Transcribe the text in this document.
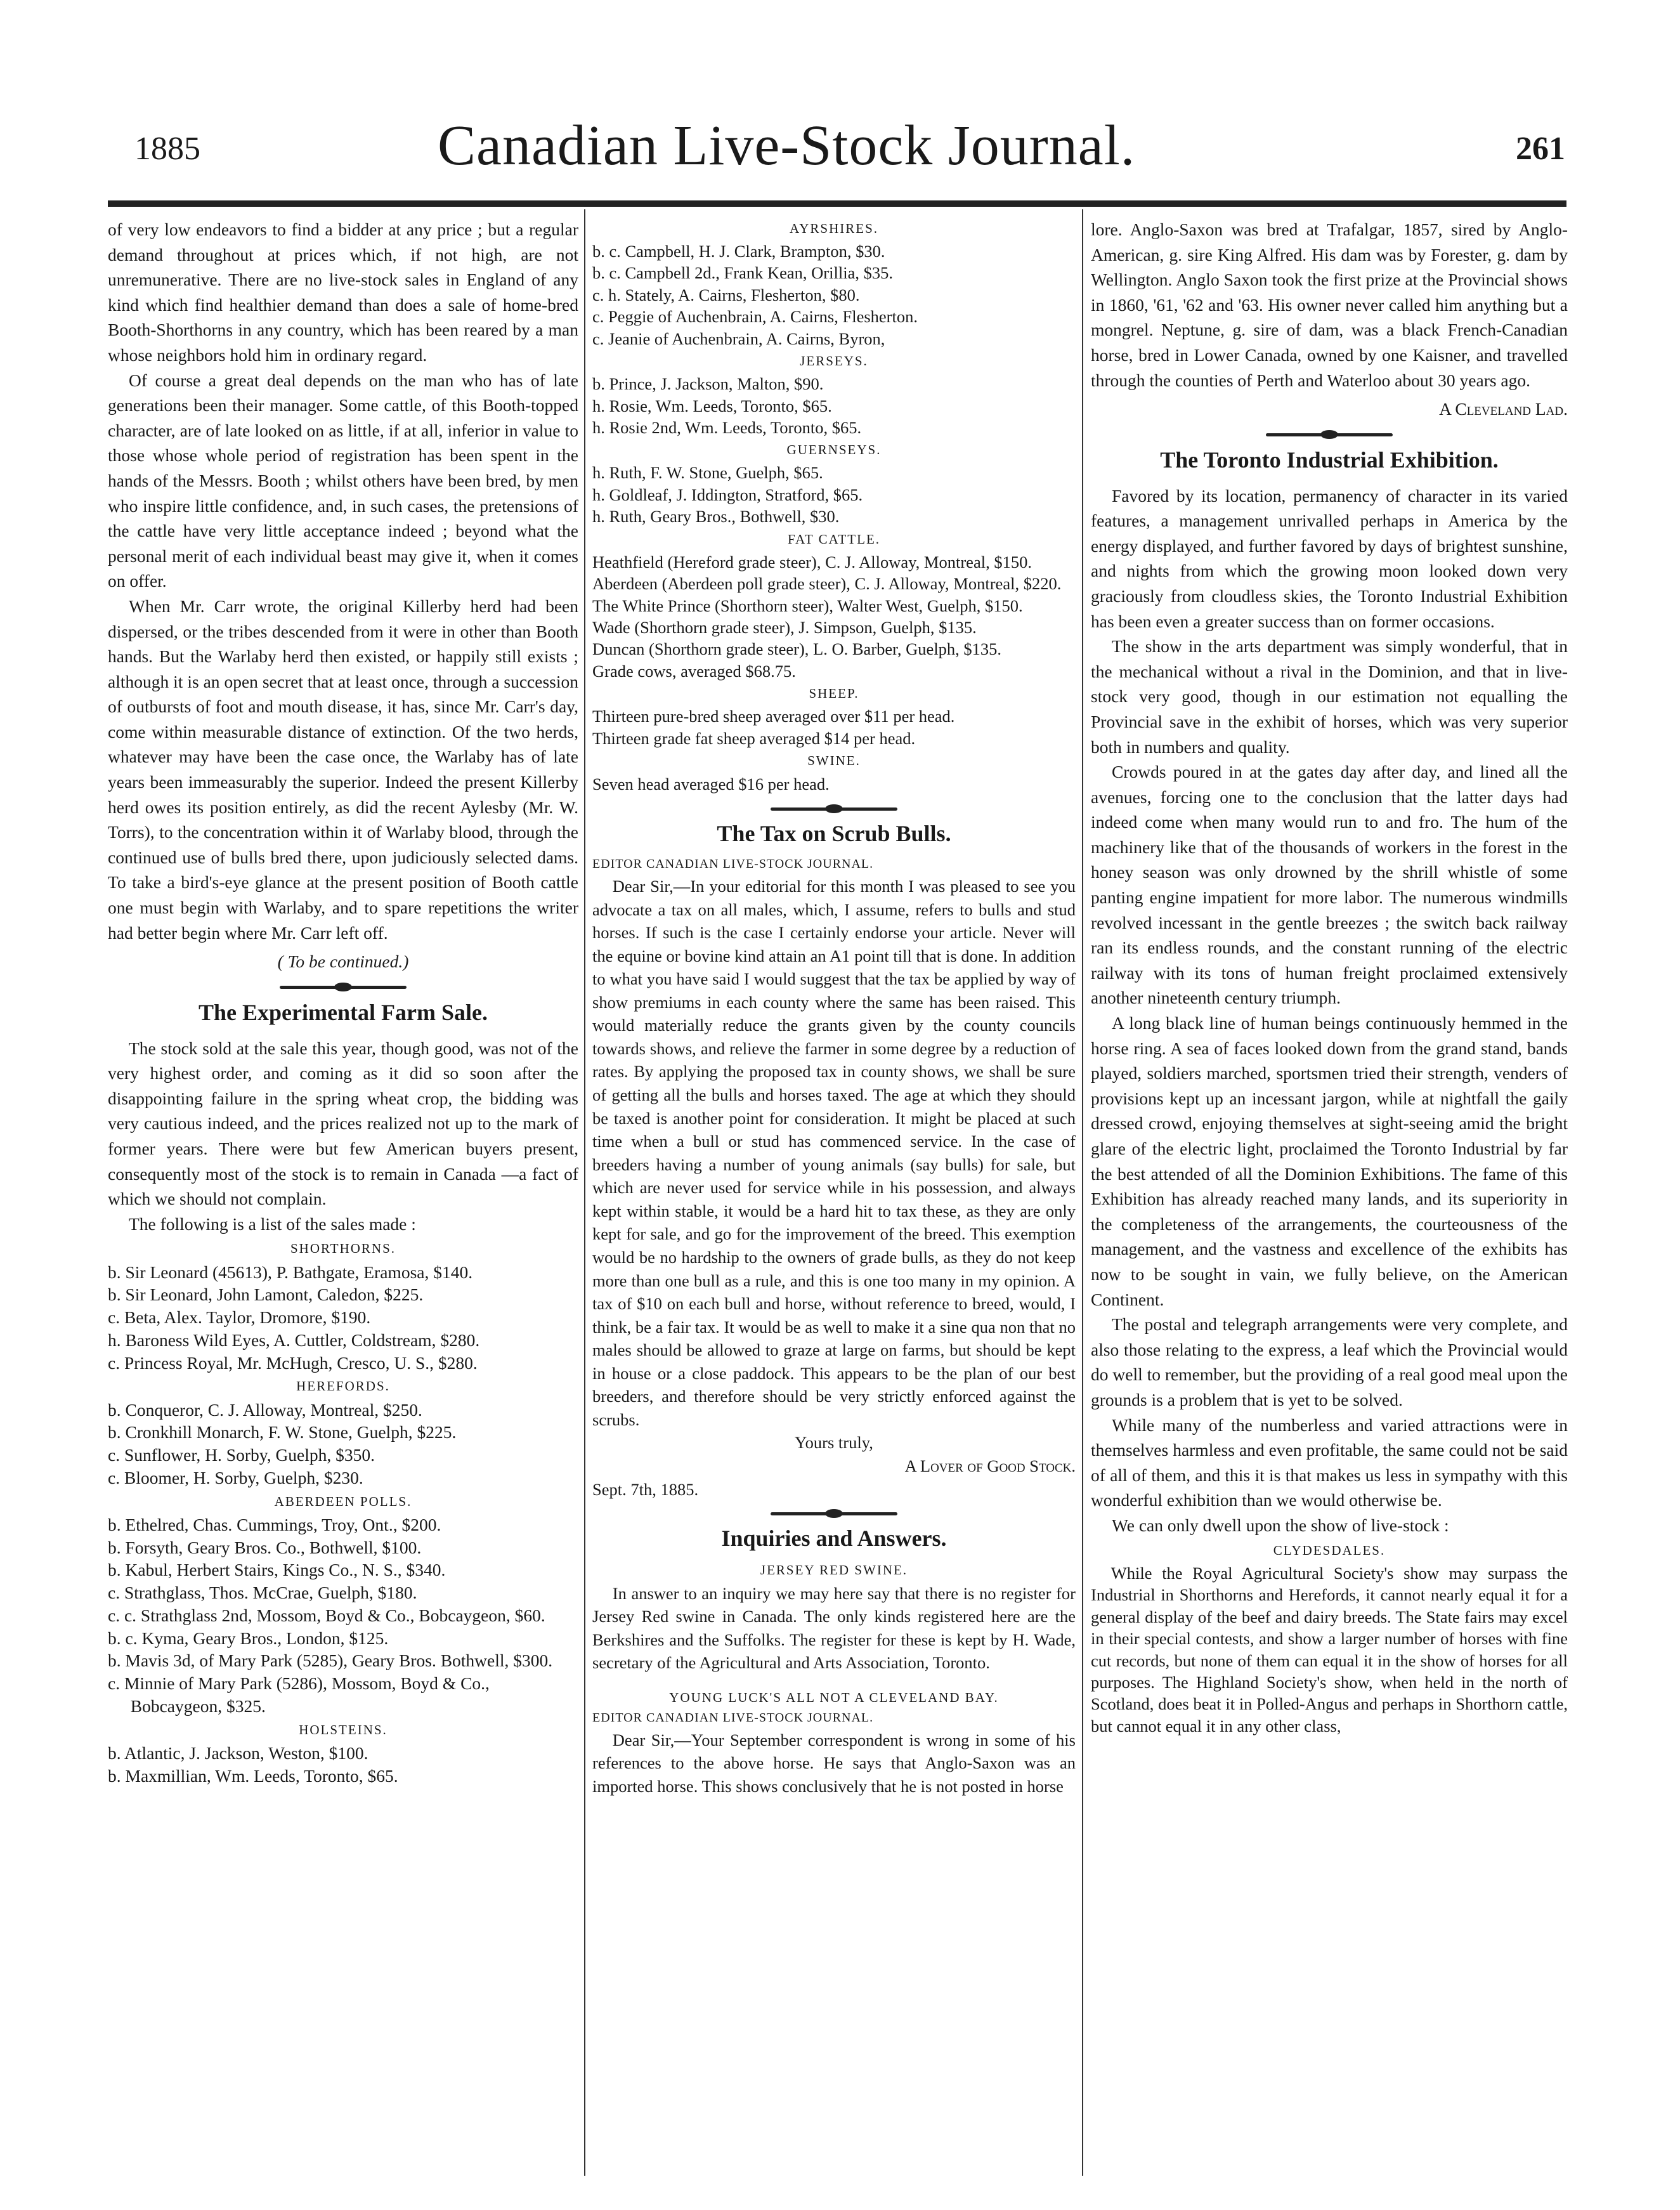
1885	Canadian Live-Stock Journal.	261

of very low endeavors to find a bidder at any price ; but a regular demand throughout at prices which, if not high, are not unremunerative. There are no live-stock sales in England of any kind which find healthier demand than does a sale of home-bred Booth-Shorthorns in any country, which has been reared by a man whose neighbors hold him in ordinary regard.

Of course a great deal depends on the man who has of late generations been their manager. Some cattle, of this Booth-topped character, are of late looked on as little, if at all, inferior in value to those whose whole period of registration has been spent in the hands of the Messrs. Booth ; whilst others have been bred, by men who inspire little confidence, and, in such cases, the pretensions of the cattle have very little acceptance indeed ; beyond what the personal merit of each individual beast may give it, when it comes on offer.

When Mr. Carr wrote, the original Killerby herd had been dispersed, or the tribes descended from it were in other than Booth hands. But the Warlaby herd then existed, or happily still exists ; although it is an open secret that at least once, through a succession of outbursts of foot and mouth disease, it has, since Mr. Carr's day, come within measurable distance of extinction. Of the two herds, whatever may have been the case once, the Warlaby has of late years been immeasurably the superior. Indeed the present Killerby herd owes its position entirely, as did the recent Aylesby (Mr. W. Torrs), to the concentration within it of Warlaby blood, through the continued use of bulls bred there, upon judiciously selected dams. To take a bird's-eye glance at the present position of Booth cattle one must begin with Warlaby, and to spare repetitions the writer had better begin where Mr. Carr left off.

( To be continued.)
The Experimental Farm Sale.

The stock sold at the sale this year, though good, was not of the very highest order, and coming as it did so soon after the disappointing failure in the spring wheat crop, the bidding was very cautious indeed, and the prices realized not up to the mark of former years. There were but few American buyers present, consequently most of the stock is to remain in Canada —a fact of which we should not complain.

The following is a list of the sales made :

SHORTHORNS.
b. Sir Leonard (45613), P. Bathgate, Eramosa, $140.
b. Sir Leonard, John Lamont, Caledon, $225.
c. Beta, Alex. Taylor, Dromore, $190.
h. Baroness Wild Eyes, A. Cuttler, Coldstream, $280.
c. Princess Royal, Mr. McHugh, Cresco, U. S., $280.
HEREFORDS.
b. Conqueror, C. J. Alloway, Montreal, $250.
b. Cronkhill Monarch, F. W. Stone, Guelph, $225.
c. Sunflower, H. Sorby, Guelph, $350.
c. Bloomer, H. Sorby, Guelph, $230.
ABERDEEN POLLS.
b. Ethelred, Chas. Cummings, Troy, Ont., $200.
b. Forsyth, Geary Bros. Co., Bothwell, $100.
b. Kabul, Herbert Stairs, Kings Co., N. S., $340.
c. Strathglass, Thos. McCrae, Guelph, $180.
c. c. Strathglass 2nd, Mossom, Boyd & Co., Bobcaygeon, $60.
b. c. Kyma, Geary Bros., London, $125.
b. Mavis 3d, of Mary Park (5285), Geary Bros. Bothwell, $300.
c. Minnie of Mary Park (5286), Mossom, Boyd & Co., Bobcaygeon, $325.
HOLSTEINS.
b. Atlantic, J. Jackson, Weston, $100.
b. Maxmillian, Wm. Leeds, Toronto, $65.
AYRSHIRES.
b. c. Campbell, H. J. Clark, Brampton, $30.
b. c. Campbell 2d., Frank Kean, Orillia, $35.
c. h. Stately, A. Cairns, Flesherton, $80.
c. Peggie of Auchenbrain, A. Cairns, Flesherton.
c. Jeanie of Auchenbrain, A. Cairns, Byron,
JERSEYS.
b. Prince, J. Jackson, Malton, $90.
h. Rosie, Wm. Leeds, Toronto, $65.
h. Rosie 2nd, Wm. Leeds, Toronto, $65.
GUERNSEYS.
h. Ruth, F. W. Stone, Guelph, $65.
h. Goldleaf, J. Iddington, Stratford, $65.
h. Ruth, Geary Bros., Bothwell, $30.
FAT CATTLE.
Heathfield (Hereford grade steer), C. J. Alloway, Montreal, $150.
Aberdeen (Aberdeen poll grade steer), C. J. Alloway, Montreal, $220.
The White Prince (Shorthorn steer), Walter West, Guelph, $150.
Wade (Shorthorn grade steer), J. Simpson, Guelph, $135.
Duncan (Shorthorn grade steer), L. O. Barber, Guelph, $135.
Grade cows, averaged $68.75.
SHEEP.
Thirteen pure-bred sheep averaged over $11 per head.
Thirteen grade fat sheep averaged $14 per head.
SWINE.

Seven head averaged $16 per head.

The Tax on Scrub Bulls.
EDITOR CANADIAN LIVE-STOCK JOURNAL.

Dear Sir,—In your editorial for this month I was pleased to see you advocate a tax on all males, which, I assume, refers to bulls and stud horses. If such is the case I certainly endorse your article. Never will the equine or bovine kind attain an A1 point till that is done. In addition to what you have said I would suggest that the tax be applied by way of show premiums in each county where the same has been raised. This would materially reduce the grants given by the county councils towards shows, and relieve the farmer in some degree by a reduction of rates. By applying the proposed tax in county shows, we shall be sure of getting all the bulls and horses taxed. The age at which they should be taxed is another point for consideration. It might be placed at such time when a bull or stud has commenced service. In the case of breeders having a number of young animals (say bulls) for sale, but which are never used for service while in his possession, and always kept within stable, it would be a hard hit to tax these, as they are only kept for sale, and go for the improvement of the breed. This exemption would be no hardship to the owners of grade bulls, as they do not keep more than one bull as a rule, and this is one too many in my opinion. A tax of $10 on each bull and horse, without reference to breed, would, I think, be a fair tax. It would be as well to make it a sine qua non that no males should be allowed to graze at large on farms, but should be kept in house or a close paddock. This appears to be the plan of our best breeders, and therefore should be very strictly enforced against the scrubs.

Yours truly,
A Lover of Good Stock.

Sept. 7th, 1885.

Inquiries and Answers.
JERSEY RED SWINE.

In answer to an inquiry we may here say that there is no register for Jersey Red swine in Canada. The only kinds registered here are the Berkshires and the Suffolks. The register for these is kept by H. Wade, secretary of the Agricultural and Arts Association, Toronto.

YOUNG LUCK'S ALL NOT A CLEVELAND BAY.
EDITOR CANADIAN LIVE-STOCK JOURNAL.

Dear Sir,—Your September correspondent is wrong in some of his references to the above horse. He says that Anglo-Saxon was an imported horse. This shows conclusively that he is not posted in horse

lore. Anglo-Saxon was bred at Trafalgar, 1857, sired by Anglo-American, g. sire King Alfred. His dam was by Forester, g. dam by Wellington. Anglo Saxon took the first prize at the Provincial shows in 1860, '61, '62 and '63. His owner never called him anything but a mongrel. Neptune, g. sire of dam, was a black French-Canadian horse, bred in Lower Canada, owned by one Kaisner, and travelled through the counties of Perth and Waterloo about 30 years ago.

A Cleveland Lad.
The Toronto Industrial Exhibition.

Favored by its location, permanency of character in its varied features, a management unrivalled perhaps in America by the energy displayed, and further favored by days of brightest sunshine, and nights from which the growing moon looked down very graciously from cloudless skies, the Toronto Industrial Exhibition has been even a greater success than on former occasions.

The show in the arts department was simply wonderful, that in the mechanical without a rival in the Dominion, and that in live-stock very good, though in our estimation not equalling the Provincial save in the exhibit of horses, which was very superior both in numbers and quality.

Crowds poured in at the gates day after day, and lined all the avenues, forcing one to the conclusion that the latter days had indeed come when many would run to and fro. The hum of the machinery like that of the thousands of workers in the forest in the honey season was only drowned by the shrill whistle of some panting engine impatient for more labor. The numerous windmills revolved incessant in the gentle breezes ; the switch back railway ran its endless rounds, and the constant running of the electric railway with its tons of human freight proclaimed extensively another nineteenth century triumph.

A long black line of human beings continuously hemmed in the horse ring. A sea of faces looked down from the grand stand, bands played, soldiers marched, sportsmen tried their strength, venders of provisions kept up an incessant jargon, while at nightfall the gaily dressed crowd, enjoying themselves at sight-seeing amid the bright glare of the electric light, proclaimed the Toronto Industrial by far the best attended of all the Dominion Exhibitions. The fame of this Exhibition has already reached many lands, and its superiority in the completeness of the arrangements, the courteousness of the management, and the vastness and excellence of the exhibits has now to be sought in vain, we fully believe, on the American Continent.

The postal and telegraph arrangements were very complete, and also those relating to the express, a leaf which the Provincial would do well to remember, but the providing of a real good meal upon the grounds is a problem that is yet to be solved.

While many of the numberless and varied attractions were in themselves harmless and even profitable, the same could not be said of all of them, and this it is that makes us less in sympathy with this wonderful exhibition than we would otherwise be.

We can only dwell upon the show of live-stock :

CLYDESDALES.

While the Royal Agricultural Society's show may surpass the Industrial in Shorthorns and Herefords, it cannot nearly equal it for a general display of the beef and dairy breeds. The State fairs may excel in their special contests, and show a larger number of horses with fine cut records, but none of them can equal it in the show of horses for all purposes. The Highland Society's show, when held in the north of Scotland, does beat it in Polled-Angus and perhaps in Shorthorn cattle, but cannot equal it in any other class,
